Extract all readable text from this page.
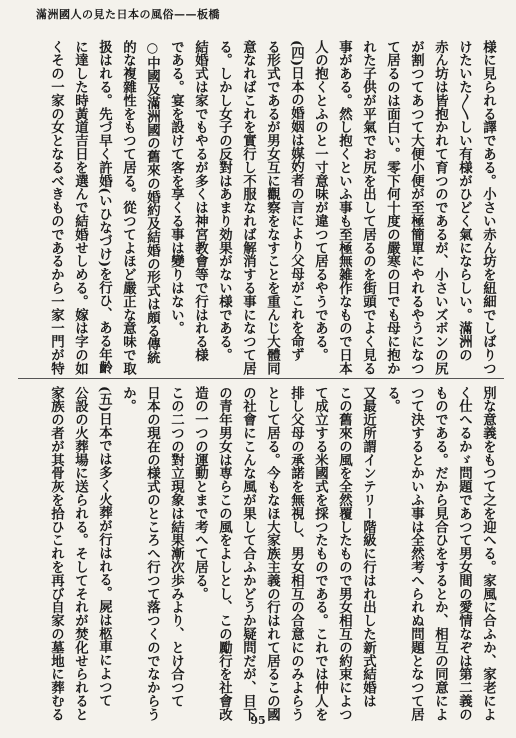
滿洲國人の見た日本の風俗——板橋
様に見られる譯である。小さい赤ん坊を紐細でしばりつ
けたいた〳〵しい有様がひどく氣にならしい。滿洲の
赤ん坊は皆抱かれて育つのであるが、小さいズボンの尻
が割つてあつて大便小便が至極簡單にやれるやうになつ
て居るのは面白い。零下何十度の嚴寒の日でも母に抱か
れた子供が平氣でお尻を出して居るのを街頭でよく見る
事がある。然し抱くといふ事も至極無雑作なもので日本
人の抱くとふのと一寸意味が違つて居るやうである。
(四)日本の婚姻は媒妁者の言により父母がこれを命ず
る形式であるが男女互に觀察をなすことを重んじ大體同
意なればこれを實行し不服なれば解消する事になつて居
る。しかし女子の反對はあまり効果がない様である。
結婚式は家でもやるが多くは神宮教會等で行はれる様
である。宴を設けて客を享くる事は變りはない。
○中國及滿洲國の舊來の婚約及結婚の形式は頗る傳統
的な複雜性をもつて居る。從つてよほど嚴正な意味で取
扱はれる。先づ早く許婚(いひなづけ)を行ひ、ある年齡
に達した時黃道吉日を選んで結婚せしめる。嫁は字の如
くその一家の女となるべきものであるから一家一門が特
別な意義をもつて之を迎へる。家風に合ふか、家老によ
く仕へるかゞ問題であつて男女間の愛情なぞは第二義の
ものである。だから見合ひをするとか、相互の同意によ
つて決するとかいふ事は全然考へられぬ問題となつて居
る。
又最近所謂インテリー階級に行はれ出した新式結婚は
この舊來の風を全然覆したもので男女相互の約束によつ
て成立する米國式を採つたものである。これでは仲人を
排し父母の承諾を無視し、男女相互の合意にのみよらう
として居る。今もなほ大家族主義の行はれて居るこの國
の社會にこんな風が果して合ふかどうか疑問だが、目下
の青年男女は専らこの風をよしとし、この勵行を社會改
造の一つの運動とまで考へて居る。
この二つの對立現象は結果漸次歩みより、とけ合つて
日本の現在の様式のところへ行つて落つくのでなからう
か。
(五)日本では多く火葬が行はれる。屍は柩車によつて
公設の火葬場に送られる。そしてそれが焚化せられると
家族の者が其骨灰を拾ひこれを再び自家の墓地に葬むる	95
